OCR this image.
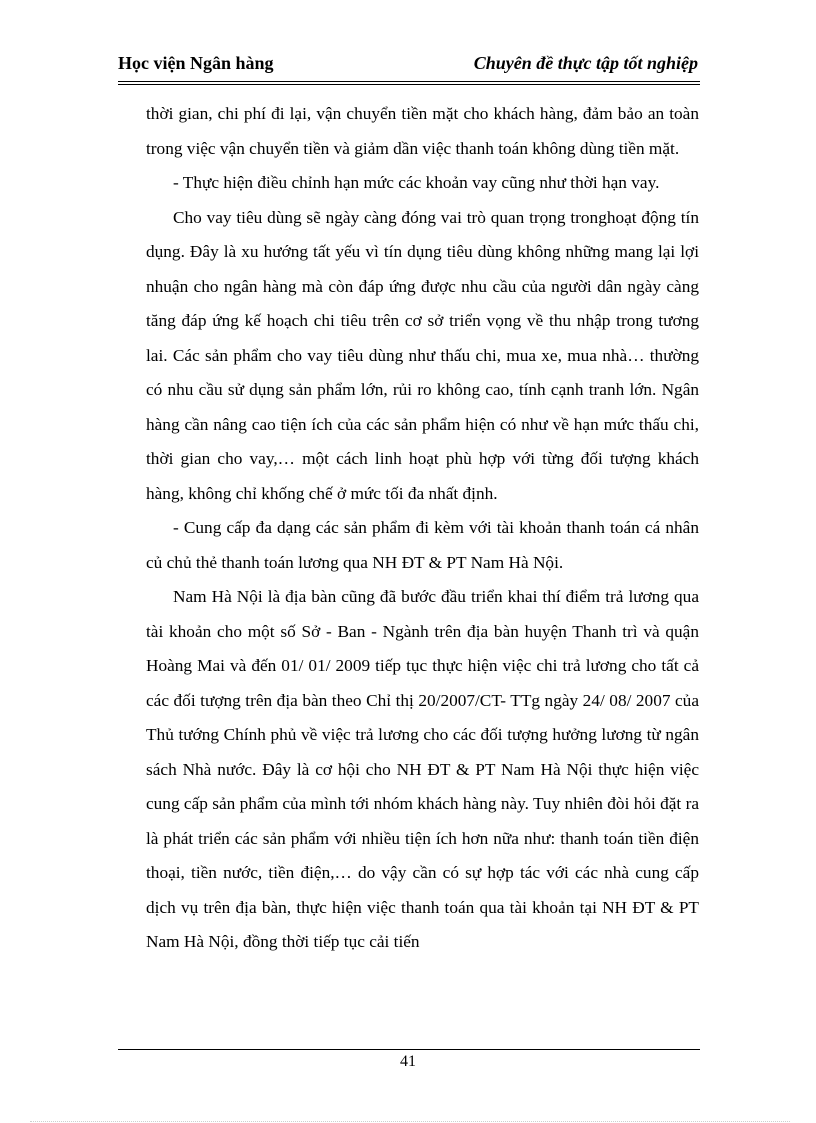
Học viện Ngân hàng	Chuyên đề thực tập tốt nghiệp

thời gian, chi phí đi lại, vận chuyển tiền mặt cho khách hàng, đảm bảo an toàn trong việc vận chuyển tiền và giảm dần việc thanh toán không dùng tiền mặt.

- Thực hiện điều chỉnh hạn mức các khoản vay cũng như thời hạn vay.

Cho vay tiêu dùng sẽ ngày càng đóng vai trò quan trọng tronghoạt động tín dụng. Đây là xu hướng tất yếu vì tín dụng tiêu dùng không những mang lại lợi nhuận cho ngân hàng mà còn đáp ứng được nhu cầu của người dân ngày càng tăng đáp ứng kế hoạch chi tiêu trên cơ sở triển vọng về thu nhập trong tương lai. Các sản phẩm cho vay tiêu dùng như thấu chi, mua xe, mua nhà… thường có nhu cầu sử dụng sản phẩm lớn, rủi ro không cao, tính cạnh tranh lớn. Ngân hàng cần nâng cao tiện ích của các sản phẩm hiện có như về hạn mức thấu chi, thời gian cho vay,… một cách linh hoạt phù hợp với từng đối tượng khách hàng, không chỉ khống chế ở mức tối đa nhất định.

- Cung cấp đa dạng các sản phẩm đi kèm với tài khoản thanh toán cá nhân củ chủ thẻ thanh toán lương qua NH ĐT & PT Nam Hà Nội.

Nam Hà Nội là địa bàn cũng đã bước đầu triển khai thí điểm trả lương qua tài khoản cho một số Sở - Ban - Ngành trên địa bàn huyện Thanh trì và quận Hoàng Mai và đến 01/ 01/ 2009 tiếp tục thực hiện việc chi trả lương cho tất cả các đối tượng trên địa bàn theo Chỉ thị 20/2007/CT- TTg ngày 24/ 08/ 2007 của Thủ tướng Chính phủ về việc trả lương cho các đối tượng hưởng lương từ ngân sách Nhà nước. Đây là cơ hội cho NH ĐT & PT Nam Hà Nội thực hiện việc cung cấp sản phẩm của mình tới nhóm khách hàng này. Tuy nhiên đòi hỏi đặt ra là phát triển các sản phẩm với nhiều tiện ích hơn nữa như: thanh toán tiền điện thoại, tiền nước, tiền điện,… do vậy cần có sự hợp tác với các nhà cung cấp dịch vụ trên địa bàn, thực hiện việc thanh toán qua tài khoản tại NH ĐT & PT Nam Hà Nội, đồng thời tiếp tục cải tiến

41
